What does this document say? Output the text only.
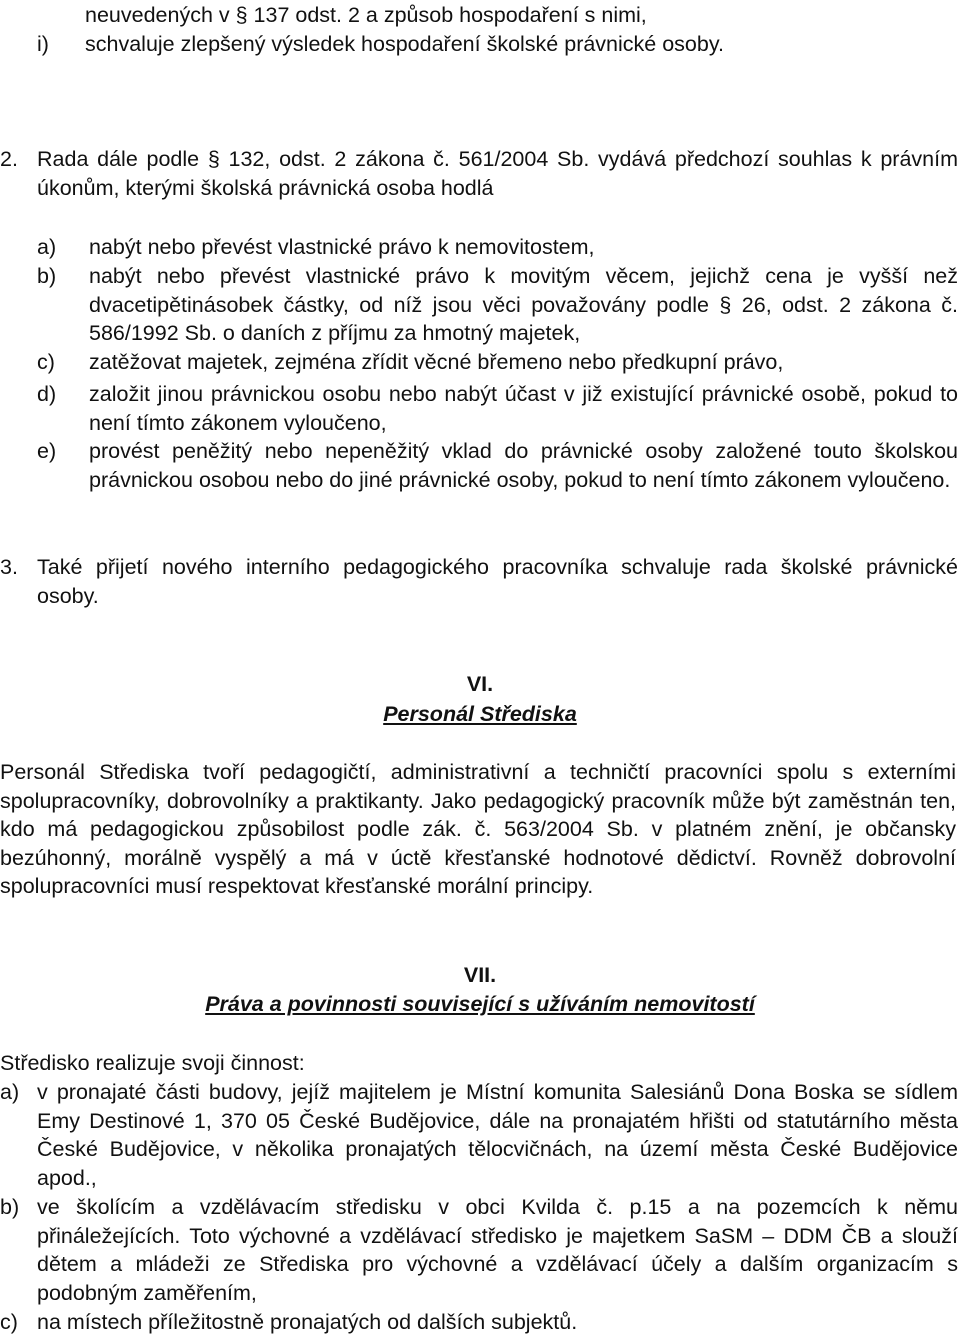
neuvedených v § 137 odst. 2 a způsob hospodaření s nimi,
i) schvaluje zlepšený výsledek hospodaření školské právnické osoby.
2. Rada dále podle § 132, odst. 2 zákona č. 561/2004 Sb. vydává předchozí souhlas k právním úkonům, kterými školská právnická osoba hodlá
a) nabýt nebo převést vlastnické právo k nemovitostem,
b) nabýt nebo převést vlastnické právo k movitým věcem, jejichž cena je vyšší než dvacetipětinásobek částky, od níž jsou věci považovány podle § 26, odst. 2 zákona č. 586/1992 Sb. o daních z příjmu za hmotný majetek,
c) zatěžovat majetek, zejména zřídit věcné břemeno nebo předkupní právo,
d) založit jinou právnickou osobu nebo nabýt účast v již existující právnické osobě, pokud to není tímto zákonem vyloučeno,
e) provést peněžitý nebo nepeněžitý vklad do právnické osoby založené touto školskou právnickou osobou nebo do jiné právnické osoby, pokud to není tímto zákonem vyloučeno.
3. Také přijetí nového interního pedagogického pracovníka schvaluje rada školské právnické osoby.
VI.
Personál Střediska
Personál Střediska tvoří pedagogičtí, administrativní a techničtí pracovníci spolu s externími spolupracovníky, dobrovolníky a praktikanty. Jako pedagogický pracovník může být zaměstnán ten, kdo má pedagogickou způsobilost podle zák. č. 563/2004 Sb. v platném znění, je občansky bezúhonný, morálně vyspělý a má v úctě křesťanské hodnotové dědictví. Rovněž dobrovolní spolupracovníci musí respektovat křesťanské morální principy.
VII.
Práva a povinnosti související s užíváním nemovitostí
Středisko realizuje svoji činnost:
a) v pronajaté části budovy, jejíž majitelem je Místní komunita Salesiánů Dona Boska se sídlem Emy Destinové 1, 370 05 České Budějovice, dále na pronajatém hřišti od statutárního města České Budějovice, v několika pronajatých tělocvičnách, na území města České Budějovice apod.,
b) ve školícím a vzdělávacím středisku v obci Kvilda č. p.15 a na pozemcích k němu přináležejících. Toto výchovné a vzdělávací středisko je majetkem SaSM – DDM ČB a slouží dětem a mládeži ze Střediska pro výchovné a vzdělávací účely a dalším organizacím s podobným zaměřením,
c) na místech příležitostně pronajatých od dalších subjektů.
